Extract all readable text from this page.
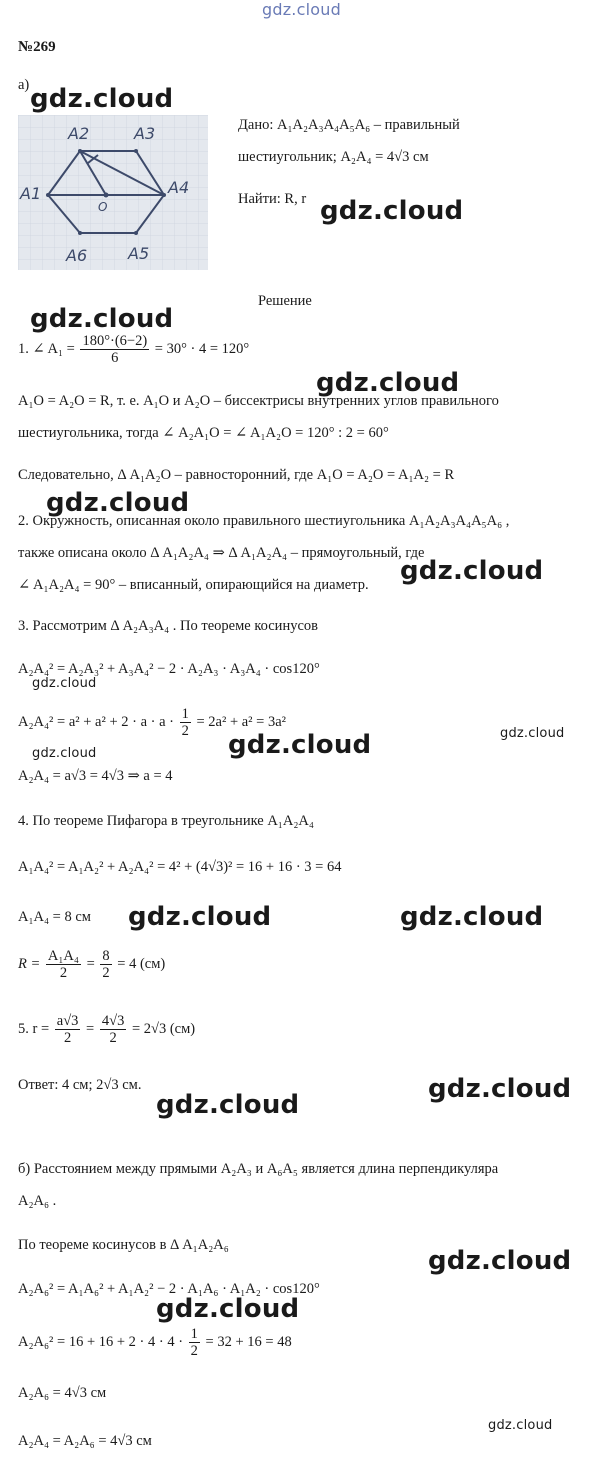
gdz.cloud
№269
а)
A2	A3
A1	A4
A6	A5
O
Дано: A₁A₂A₃A₄A₅A₆ – правильный
шестиугольник; A₂A₄ = 4√3 см
Найти: R, r
Решение
1. ∠ $A_1 = \frac{180^\circ\cdot(6-2)}{6} = 30^\circ \cdot 4 = 120^\circ$
A₁O = A₂O = R, т. е. A₁O и A₂O – биссектрисы внутренних углов правильного
шестиугольника, тогда ∠ A₂A₁O = ∠ A₁A₂O = 120° : 2 = 60°
Следовательно, Δ A₁A₂O – равносторонний, где A₁O = A₂O = A₁A₂ = R
2. Окружность, описанная около правильного шестиугольника A₁A₂A₃A₄A₅A₆ ,
также описана около Δ A₁A₂A₄ ⇒ Δ A₁A₂A₄ – прямоугольный, где
∠ A₁A₂A₄ = 90° – вписанный, опирающийся на диаметр.
3. Рассмотрим Δ A₂A₃A₄ . По теореме косинусов
A₂A₄² = A₂A₃² + A₃A₄² − 2 · A₂A₃ · A₃A₄ · cos120°
$A_2A_4^2 = a^2 + a^2 + 2 \cdot a \cdot a \cdot \frac{1}{2} = 2a^2 + a^2 = 3a^2$
A₂A₄ = a√3 = 4√3 ⇒ a = 4
4. По теореме Пифагора в треугольнике A₁A₂A₄
A₁A₄² = A₁A₂² + A₂A₄² = 4² + (4√3)² = 16 + 16 · 3 = 64
A₁A₄ = 8 см
$R = \frac{\text{A₁A₄}}{2} = \frac{8}{2} = 4$ (см)
5. $r = \frac{a√3}{2} = \frac{4√3}{2} = 2√3$ (см)
Ответ: 4 см; 2√3 см.
б) Расстоянием между прямыми A₂A₃ и A₆A₅ является длина перпендикуляра
A₂A₆ .
По теореме косинусов в Δ A₁A₂A₆
A₂A₆² = A₁A₆² + A₁A₂² − 2 · A₁A₆ · A₁A₂ · cos120°
$A_2A_6^2 = 16 + 16 + 2 \cdot 4 \cdot 4 \cdot \frac{1}{2} = 32 + 16 = 48$
A₂A₆ = 4√3 см
A₂A₄ = A₂A₆ = 4√3 см
gdz.cloud
gdz.cloud
gdz.cloud
gdz.cloud
gdz.cloud
gdz.cloud
gdz.cloud
gdz.cloud
gdz.cloud
gdz.cloud
gdz.cloud	gdz.cloud
gdz.cloud
gdz.cloud
gdz.cloud
gdz.cloud
gdz.cloud
